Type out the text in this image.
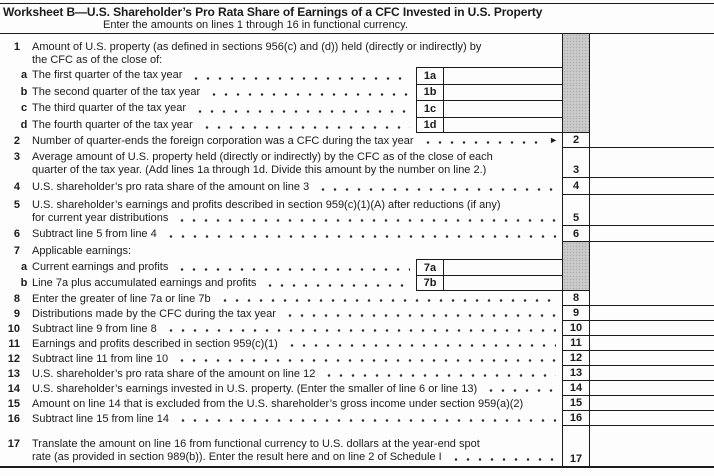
Worksheet B—U.S. Shareholder’s Pro Rata Share of Earnings of a CFC Invested in U.S. Property
Enter the amounts on lines 1 through 16 in functional currency.
1	Amount of U.S. property (as defined in sections 956(c) and (d)) held (directly or indirectly) by
the CFC as of the close of:
a The first quarter of the tax year	1a
b The second quarter of the tax year	1b
c The third quarter of the tax year	1c
d The fourth quarter of the tax year	1d
2	Number of quarter-ends the foreign corporation was a CFC during the tax year	►	2
3	Average amount of U.S. property held (directly or indirectly) by the CFC as of the close of each
quarter of the tax year. (Add lines 1a through 1d. Divide this amount by the number on line 2.)	3
4	U.S. shareholder’s pro rata share of the amount on line 3	4
5	U.S. shareholder’s earnings and profits described in section 959(c)(1)(A) after reductions (if any)
for current year distributions	5
6	Subtract line 5 from line 4	6
7	Applicable earnings:
a Current earnings and profits	7a
b Line 7a plus accumulated earnings and profits	7b
8	Enter the greater of line 7a or line 7b	8
9	Distributions made by the CFC during the tax year	9
10	Subtract line 9 from line 8	10
11	Earnings and profits described in section 959(c)(1)	11
12	Subtract line 11 from line 10	12
13	U.S. shareholder’s pro rata share of the amount on line 12	13
14	U.S. shareholder’s earnings invested in U.S. property. (Enter the smaller of line 6 or line 13)	14
15	Amount on line 14 that is excluded from the U.S. shareholder’s gross income under section 959(a)(2)	15
16	Subtract line 15 from line 14	16
17	Translate the amount on line 16 from functional currency to U.S. dollars at the year-end spot
rate (as provided in section 989(b)). Enter the result here and on line 2 of Schedule I	17
